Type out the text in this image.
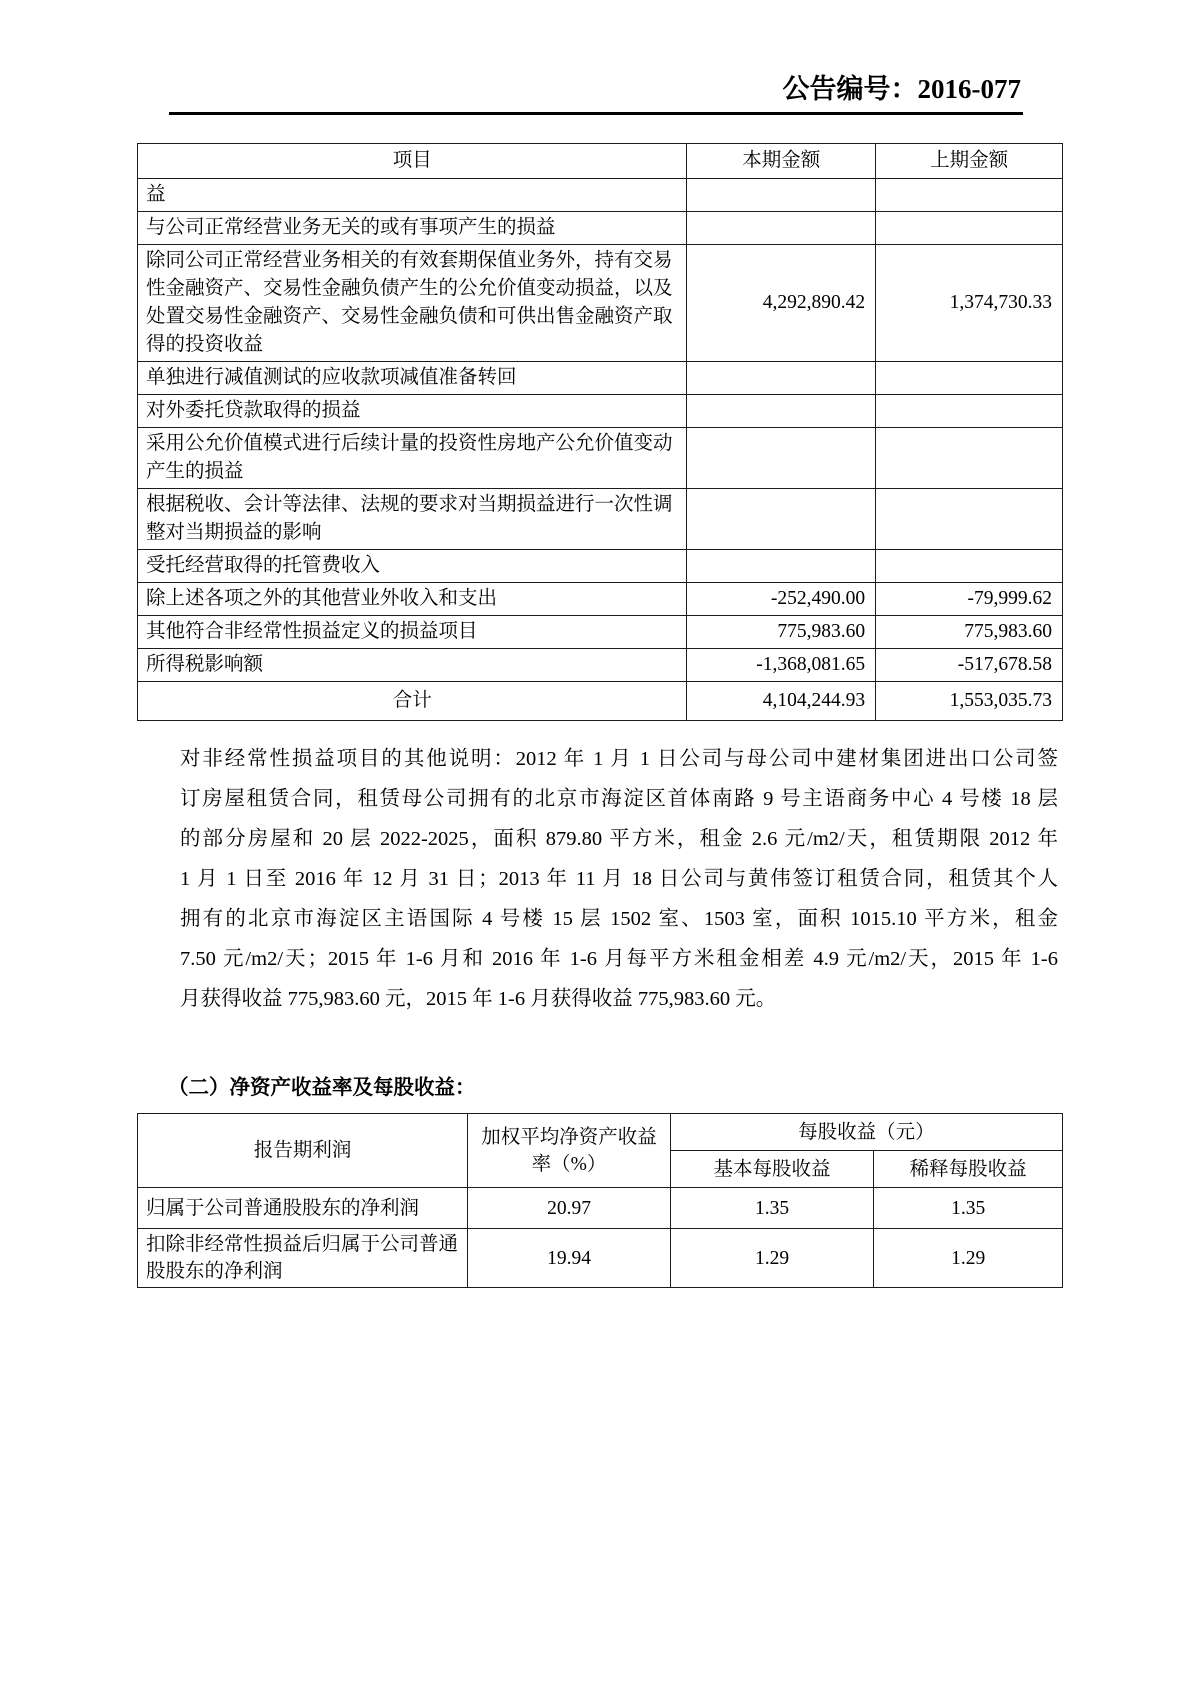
公告编号：2016-077
项目	本期金额	上期金额
益		
与公司正常经营业务无关的或有事项产生的损益		
除同公司正常经营业务相关的有效套期保值业务外，持有交易性金融资产、交易性金融负债产生的公允价值变动损益，以及处置交易性金融资产、交易性金融负债和可供出售金融资产取得的投资收益	4,292,890.42	1,374,730.33
单独进行减值测试的应收款项减值准备转回		
对外委托贷款取得的损益		
采用公允价值模式进行后续计量的投资性房地产公允价值变动产生的损益		
根据税收、会计等法律、法规的要求对当期损益进行一次性调整对当期损益的影响		
受托经营取得的托管费收入		
除上述各项之外的其他营业外收入和支出	-252,490.00	-79,999.62
其他符合非经常性损益定义的损益项目	775,983.60	775,983.60
所得税影响额	-1,368,081.65	-517,678.58
合计	4,104,244.93	1,553,035.73
对非经常性损益项目的其他说明：2012 年 1 月 1 日公司与母公司中建材集团进出口公司签
订房屋租赁合同，租赁母公司拥有的北京市海淀区首体南路 9 号主语商务中心 4 号楼 18 层
的部分房屋和 20 层 2022-2025，面积 879.80 平方米，租金 2.6 元/m2/天，租赁期限 2012 年
1 月 1 日至 2016 年 12 月 31 日；2013 年 11 月 18 日公司与黄伟签订租赁合同，租赁其个人
拥有的北京市海淀区主语国际 4 号楼 15 层 1502 室、1503 室，面积 1015.10 平方米，租金
7.50 元/m2/天；2015 年 1-6 月和 2016 年 1-6 月每平方米租金相差 4.9 元/m2/天，2015 年 1-6
月获得收益 775,983.60 元，2015 年 1-6 月获得收益 775,983.60 元。
（二）净资产收益率及每股收益：
报告期利润	加权平均净资产收益率（%）	每股收益（元）	
		基本每股收益	稀释每股收益
归属于公司普通股股东的净利润	20.97	1.35	1.35
扣除非经常性损益后归属于公司普通股股东的净利润	19.94	1.29	1.29
